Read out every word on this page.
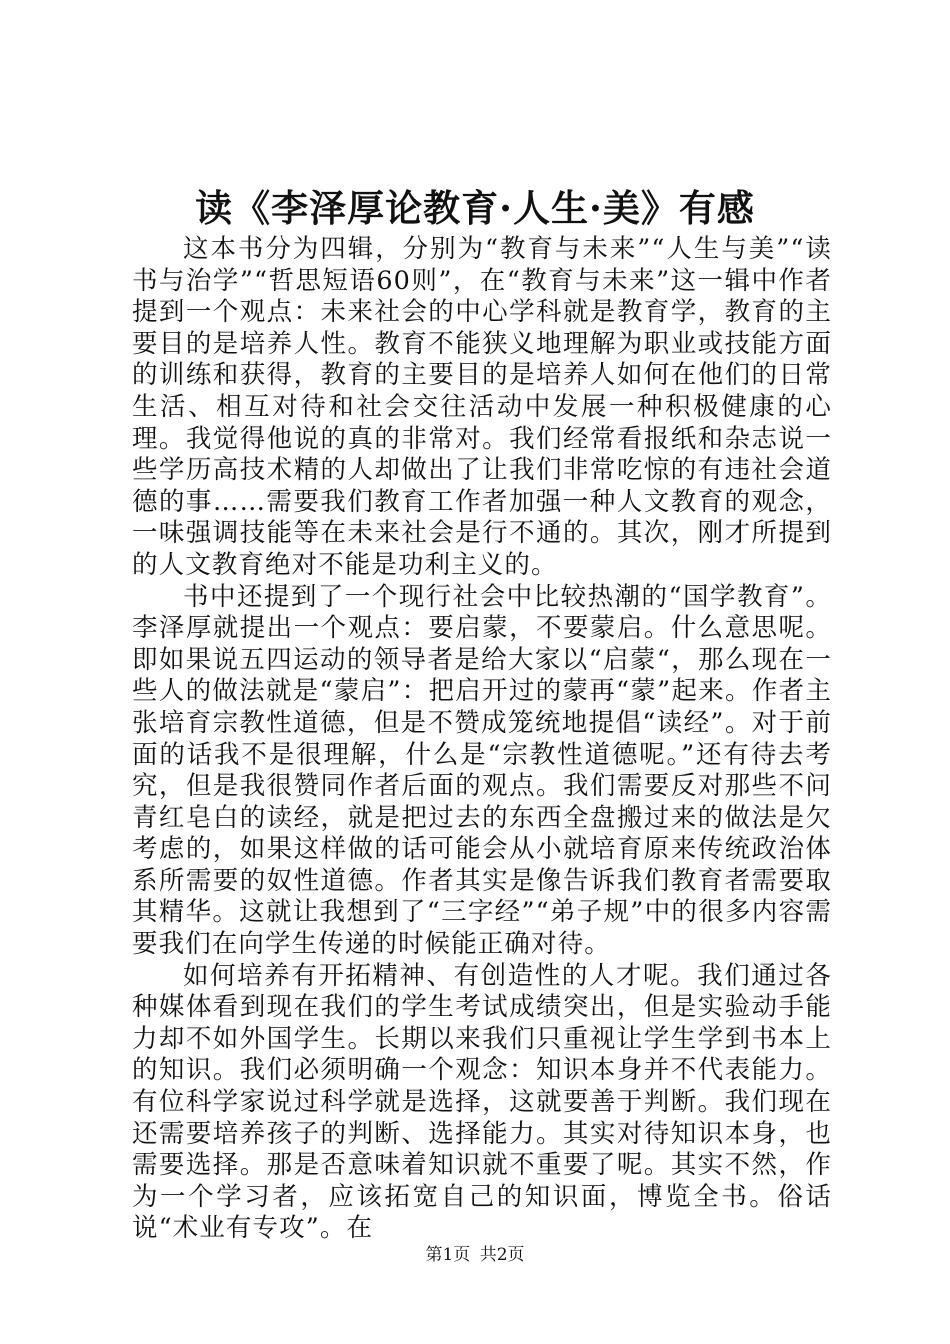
读《李泽厚论教育·人生·美》有感

这本书分为四辑，分别为“教育与未来”“人生与美”“读书与治学”“哲思短语60则”，在“教育与未来”这一辑中作者提到一个观点：未来社会的中心学科就是教育学，教育的主要目的是培养人性。教育不能狭义地理解为职业或技能方面的训练和获得，教育的主要目的是培养人如何在他们的日常生活、相互对待和社会交往活动中发展一种积极健康的心理。我觉得他说的真的非常对。我们经常看报纸和杂志说一些学历高技术精的人却做出了让我们非常吃惊的有违社会道德的事……需要我们教育工作者加强一种人文教育的观念，一味强调技能等在未来社会是行不通的。其次，刚才所提到的人文教育绝对不能是功利主义的。

书中还提到了一个现行社会中比较热潮的“国学教育”。李泽厚就提出一个观点：要启蒙，不要蒙启。什么意思呢。即如果说五四运动的领导者是给大家以“启蒙“，那么现在一些人的做法就是“蒙启”：把启开过的蒙再“蒙”起来。作者主张培育宗教性道德，但是不赞成笼统地提倡“读经”。对于前面的话我不是很理解，什么是“宗教性道德呢。”还有待去考究，但是我很赞同作者后面的观点。我们需要反对那些不问青红皂白的读经，就是把过去的东西全盘搬过来的做法是欠考虑的，如果这样做的话可能会从小就培育原来传统政治体系所需要的奴性道德。作者其实是像告诉我们教育者需要取其精华。这就让我想到了“三字经”“弟子规”中的很多内容需要我们在向学生传递的时候能正确对待。

如何培养有开拓精神、有创造性的人才呢。我们通过各种媒体看到现在我们的学生考试成绩突出，但是实验动手能力却不如外国学生。长期以来我们只重视让学生学到书本上的知识。我们必须明确一个观念：知识本身并不代表能力。有位科学家说过科学就是选择，这就要善于判断。我们现在还需要培养孩子的判断、选择能力。其实对待知识本身，也需要选择。那是否意味着知识就不重要了呢。其实不然，作为一个学习者，应该拓宽自己的知识面，博览全书。俗话说“术业有专攻”。在

第1页 共2页
